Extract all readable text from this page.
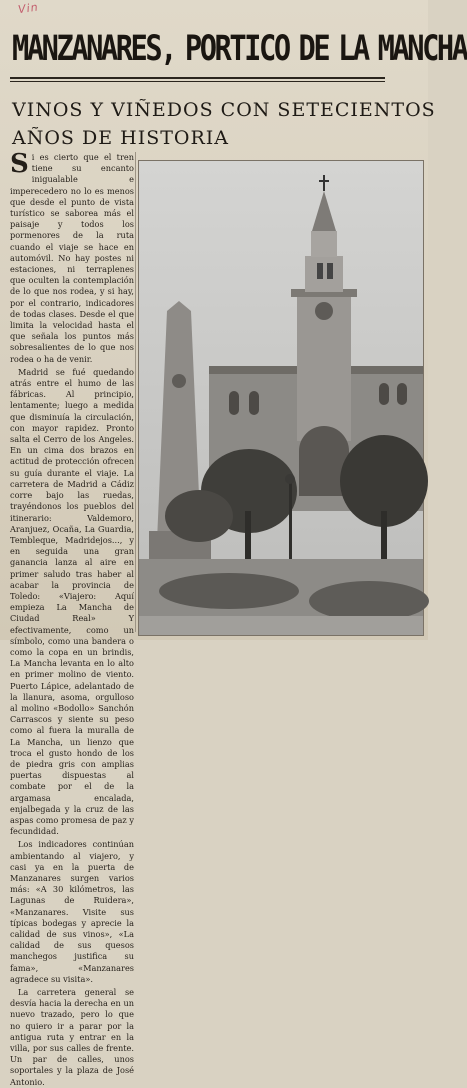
Vin
MANZANARES, PORTICO DE LA MANCHA
VINOS Y VIÑEDOS CON SETECIENTOS
AÑOS DE HISTORIA

Si es cierto que el tren tiene su encanto inigualable e imperecedero no lo es menos que desde el punto de vista turístico se saborea más el paisaje y todos los pormenores de la ruta cuando el viaje se hace en automóvil. No hay postes ni estaciones, ni terraplenes que oculten la contemplación de lo que nos rodea, y si hay, por el contrario, indicadores de todas clases. Desde el que limita la velocidad hasta el que señala los puntos más sobresalientes de lo que nos rodea o ha de venir.

Madrid se fué quedando atrás entre el humo de las fábricas. Al principio, lentamente; luego a medida que disminuía la circulación, con mayor rapidez. Pronto salta el Cerro de los Angeles. En un cima dos brazos en actitud de protección ofrecen su guía durante el viaje. La carretera de Madrid a Cádiz corre bajo las ruedas, trayéndonos los pueblos del itinerario: Valdemoro, Aranjuez, Ocaña, La Guardia, Tembleque, Madridejos..., y en seguida una gran ganancia lanza al aire en primer saludo tras haber al acabar la provincia de Toledo: «Viajero: Aquí empieza La Mancha de Ciudad Real» Y efectivamente, como un símbolo, como una bandera o como la copa en un brindis, La Mancha levanta en lo alto en primer molino de viento. Puerto Lápice, adelantado de la llanura, asoma, orgulloso al molino «Bodollo» Sanchón Carrascos y siente su peso como al fuera la muralla de La Mancha, un lienzo que troca el gusto hondo de los de piedra gris con amplias puertas dispuestas al combate por el de la argamasa encalada, enjalbegada y la cruz de las aspas como promesa de paz y fecundidad.

Los indicadores continúan ambientando al viajero, y casi ya en la puerta de Manzanares surgen varios más: «A 30 kilómetros, las Lagunas de Ruidera», «Manzanares. Visite sus típicas bodegas y aprecie la calidad de sus vinos», «La calidad de sus quesos manchegos justifica su fama», «Manzanares agradece su visita».

La carretera general se desvía hacia la derecha en un nuevo trazado, pero lo que no quiero ir a parar por la antigua ruta y entrar en la villa, por sus calles de frente. Un par de calles, unos soportales y la plaza de José Antonio.
